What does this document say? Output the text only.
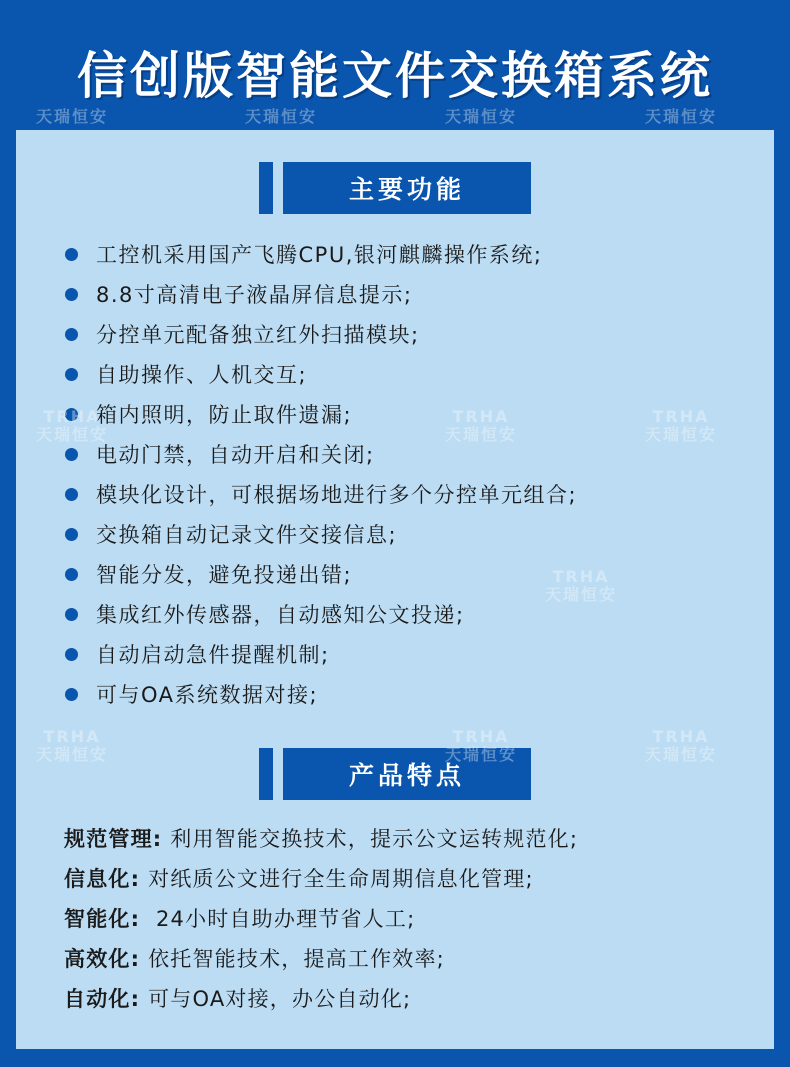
信创版智能文件交换箱系统
主要功能
工控机采用国产飞腾CPU,银河麒麟操作系统;
8.8寸高清电子液晶屏信息提示;
分控单元配备独立红外扫描模块;
自助操作、人机交互;
箱内照明，防止取件遗漏;
电动门禁，自动开启和关闭;
模块化设计，可根据场地进行多个分控单元组合;
交换箱自动记录文件交接信息;
智能分发，避免投递出错;
集成红外传感器，自动感知公文投递;
自动启动急件提醒机制;
可与OA系统数据对接;
产品特点
规范管理: 利用智能交换技术，提示公文运转规范化;
信息化: 对纸质公文进行全生命周期信息化管理;
智能化: 24小时自助办理节省人工;
高效化: 依托智能技术，提高工作效率;
自动化: 可与OA对接，办公自动化;
天瑞恒安	天瑞恒安	天瑞恒安	天瑞恒安
TRHA
天瑞恒安
TRHA
天瑞恒安
TRHA
天瑞恒安
TRHA
天瑞恒安
TRHA
天瑞恒安
TRHA
天瑞恒安
TRHA
天瑞恒安
